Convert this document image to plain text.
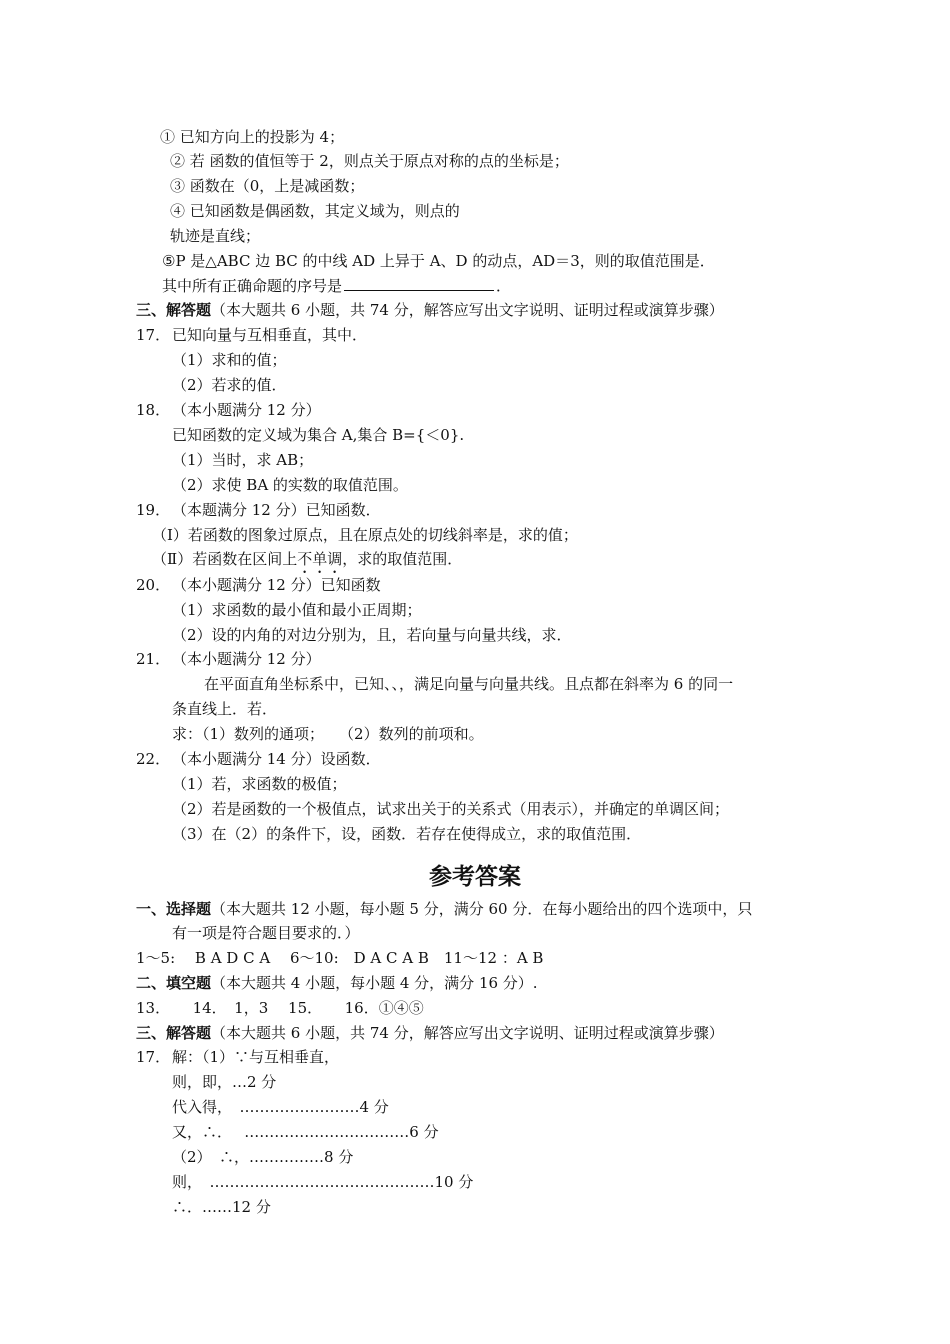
① 已知方向上的投影为 4；
② 若 函数的值恒等于 2，则点关于原点对称的点的坐标是；
③ 函数在（0，上是减函数；
④ 已知函数是偶函数，其定义域为，则点的
轨迹是直线；
⑤P 是△ABC 边 BC 的中线 AD 上异于 A、D 的动点，AD＝3，则的取值范围是．
其中所有正确命题的序号是	．
三、解答题（本大题共 6 小题，共 74 分，解答应写出文字说明、证明过程或演算步骤）
17． 已知向量与互相垂直，其中．
（1）求和的值；
（2）若求的值．
18． （本小题满分 12 分）
已知函数的定义域为集合 A,集合 B={＜0}.
（1）当时，求 AB；
（2）求使 BA 的实数的取值范围。
19． （本题满分 12 分）已知函数．
（Ⅰ）若函数的图象过原点，且在原点处的切线斜率是，求的值；
（Ⅱ）若函数在区间上不单调，求的取值范围．
20． （本小题满分 12 分）已知函数
（1）求函数的最小值和最小正周期；
（2）设的内角的对边分别为，且，若向量与向量共线，求．
21． （本小题满分 12 分）
在平面直角坐标系中，已知、、，满足向量与向量共线。且点都在斜率为 6 的同一
条直线上．若．
求：（1）数列的通项；　　（2）数列的前项和。
22． （本小题满分 14 分）设函数．
（1）若，求函数的极值；
（2）若是函数的一个极值点，试求出关于的关系式（用表示），并确定的单调区间；
（3）在（2）的条件下，设，函数．若存在使得成立，求的取值范围．
参考答案
一、选择题（本大题共 12 小题，每小题 5 分，满分 60 分．在每小题给出的四个选项中，只
有一项是符合题目要求的．）
1～5:　 B A D C A　 6～10:　D A C A B　11～12 ：A B
二、填空题（本大题共 4 小题，每小题 4 分，满分 16 分）.
13．　　14．　1，3　 15．　　16．①④⑤
三、解答题（本大题共 6 小题，共 74 分，解答应写出文字说明、证明过程或演算步骤）
17． 解：（1）∵与互相垂直，
则，即，…2 分
代入得，　……………………4 分
又，∴．　 ……………………………6 分
（2）　∴，……………8 分
则，　………………………………………10 分
∴．……12 分
